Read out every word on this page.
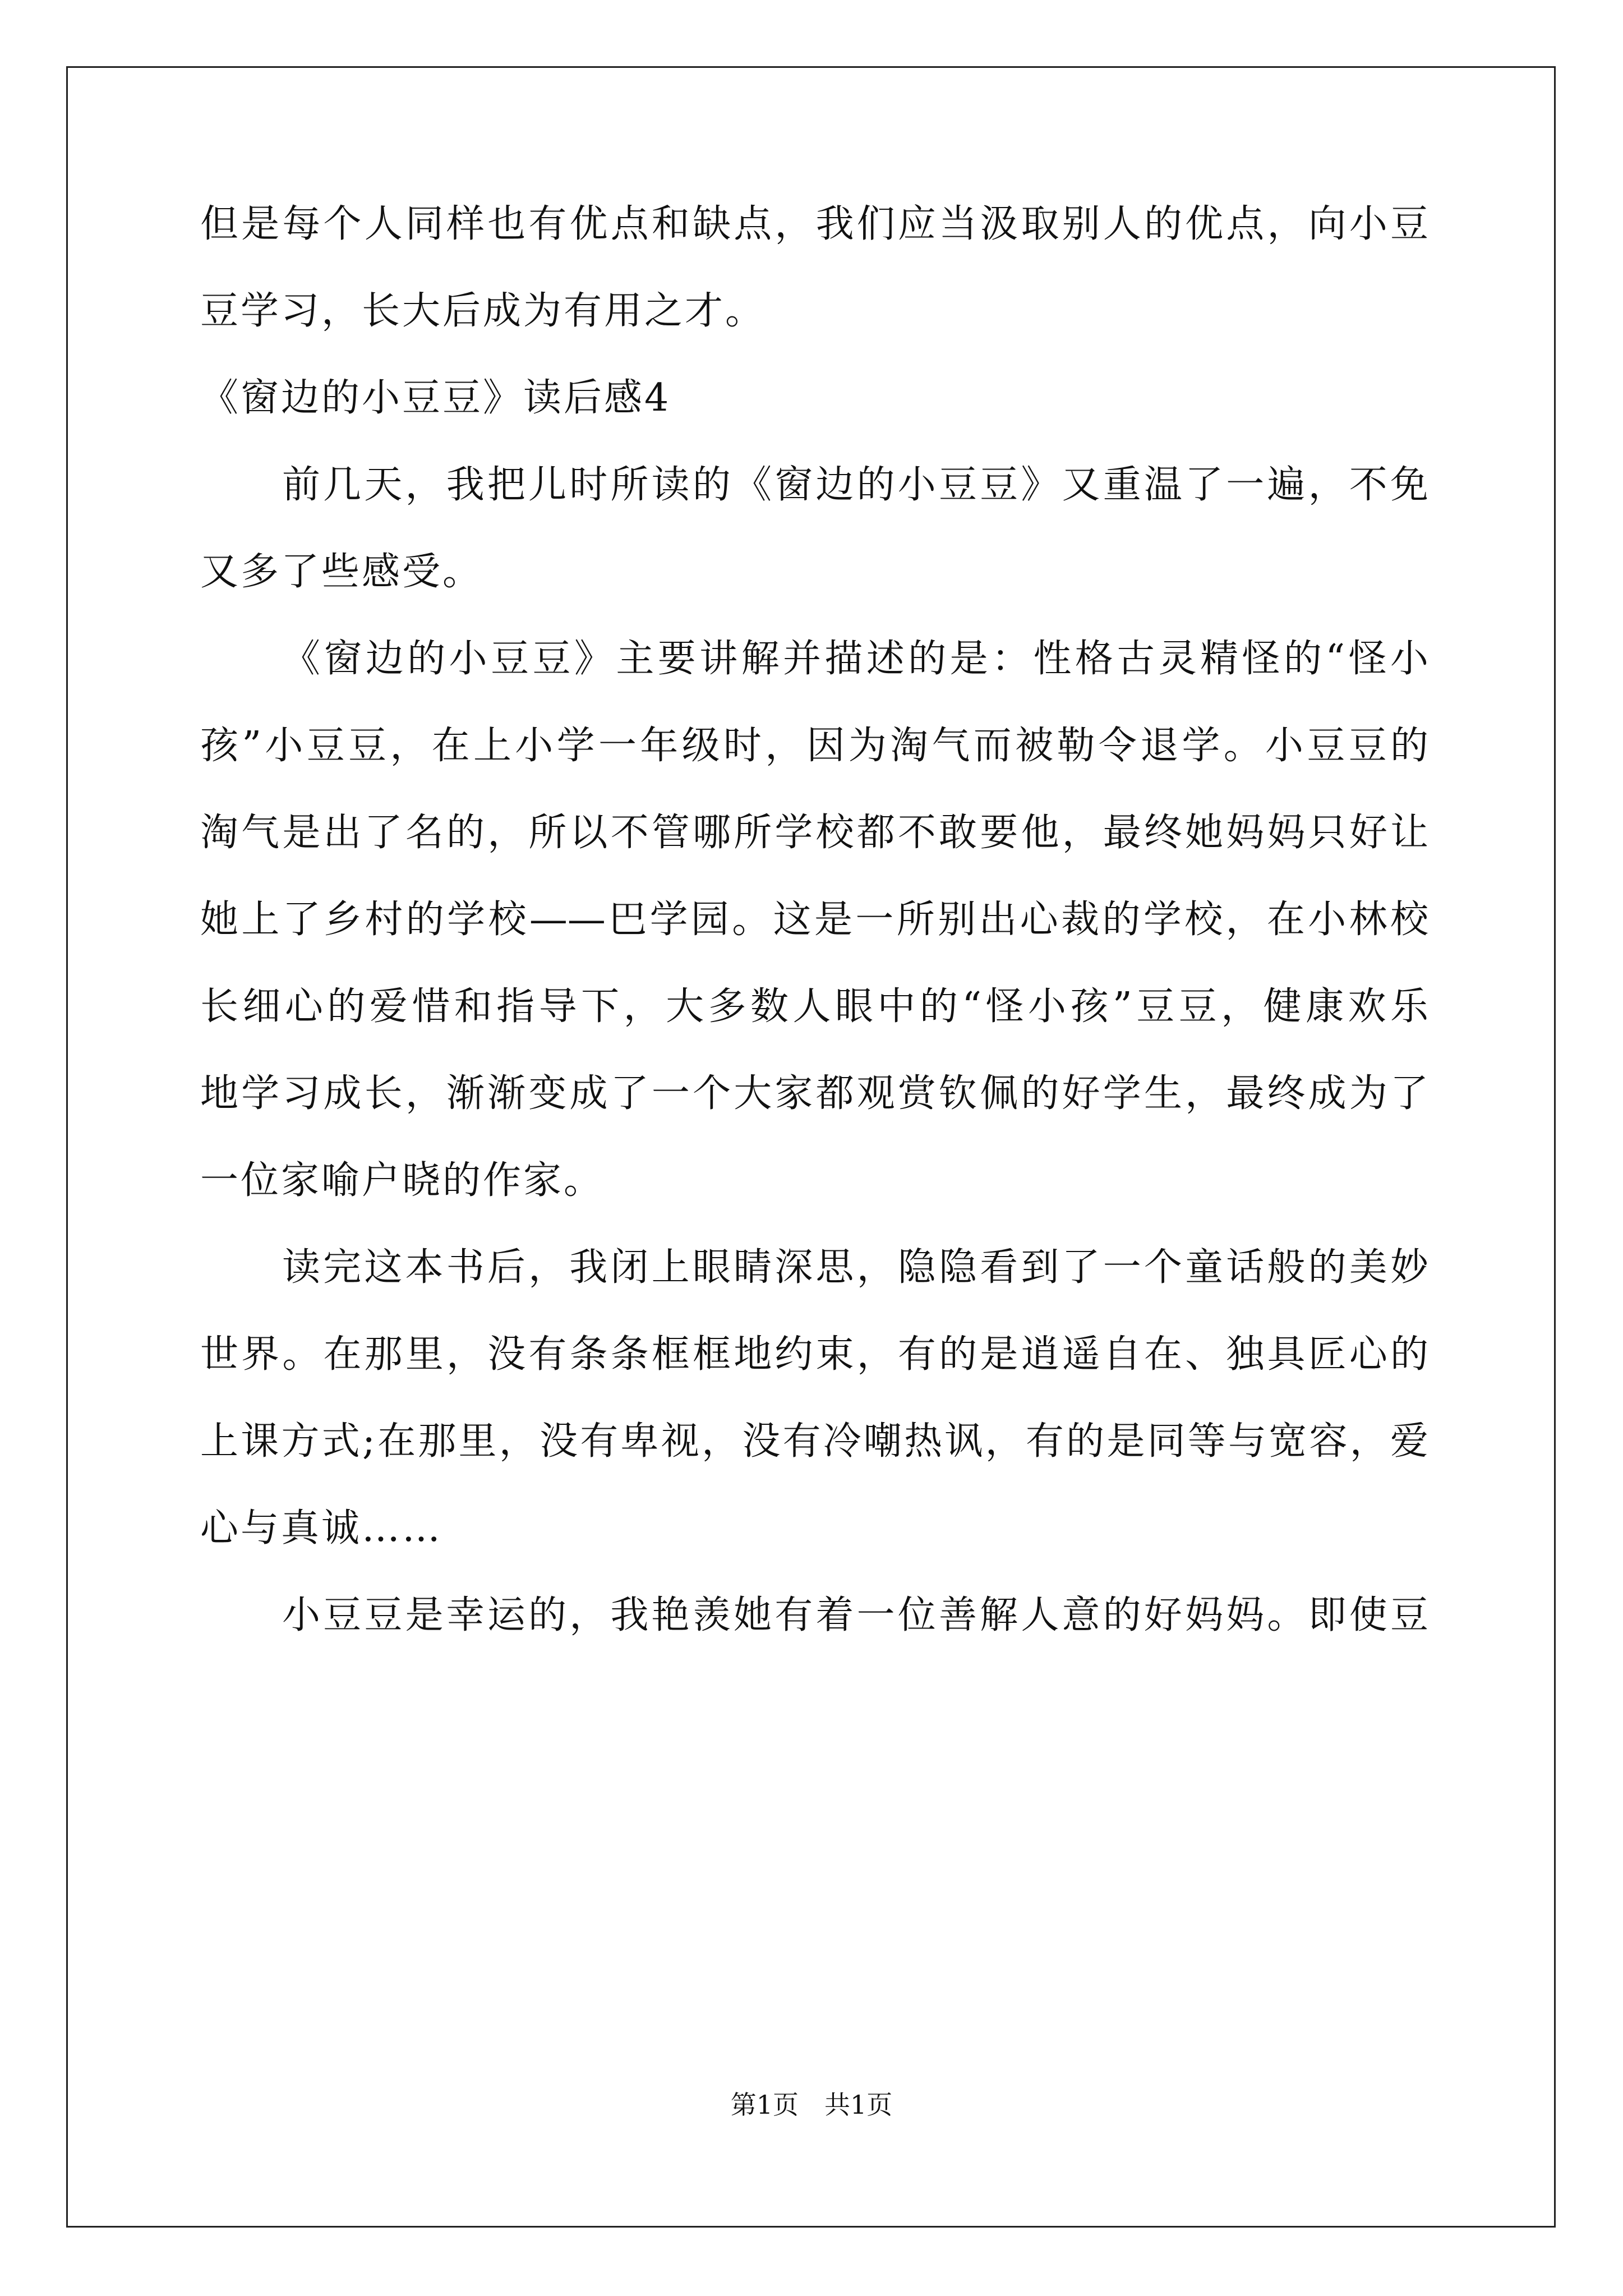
但是每个人同样也有优点和缺点，我们应当汲取别人的优点，向小豆
豆学习，长大后成为有用之才。
《窗边的小豆豆》读后感4
前几天，我把儿时所读的《窗边的小豆豆》又重温了一遍，不免
又多了些感受。
《窗边的小豆豆》主要讲解并描述的是：性格古灵精怪的“怪小
孩”小豆豆，在上小学一年级时，因为淘气而被勒令退学。小豆豆的
淘气是出了名的，所以不管哪所学校都不敢要他，最终她妈妈只好让
她上了乡村的学校——巴学园。这是一所别出心裁的学校，在小林校
长细心的爱惜和指导下，大多数人眼中的“怪小孩”豆豆，健康欢乐
地学习成长，渐渐变成了一个大家都观赏钦佩的好学生，最终成为了
一位家喻户晓的作家。
读完这本书后，我闭上眼睛深思，隐隐看到了一个童话般的美妙
世界。在那里，没有条条框框地约束，有的是逍遥自在、独具匠心的
上课方式;在那里，没有卑视，没有冷嘲热讽，有的是同等与宽容，爱
心与真诚……
小豆豆是幸运的，我艳羡她有着一位善解人意的好妈妈。即使豆
第1页　共1页
